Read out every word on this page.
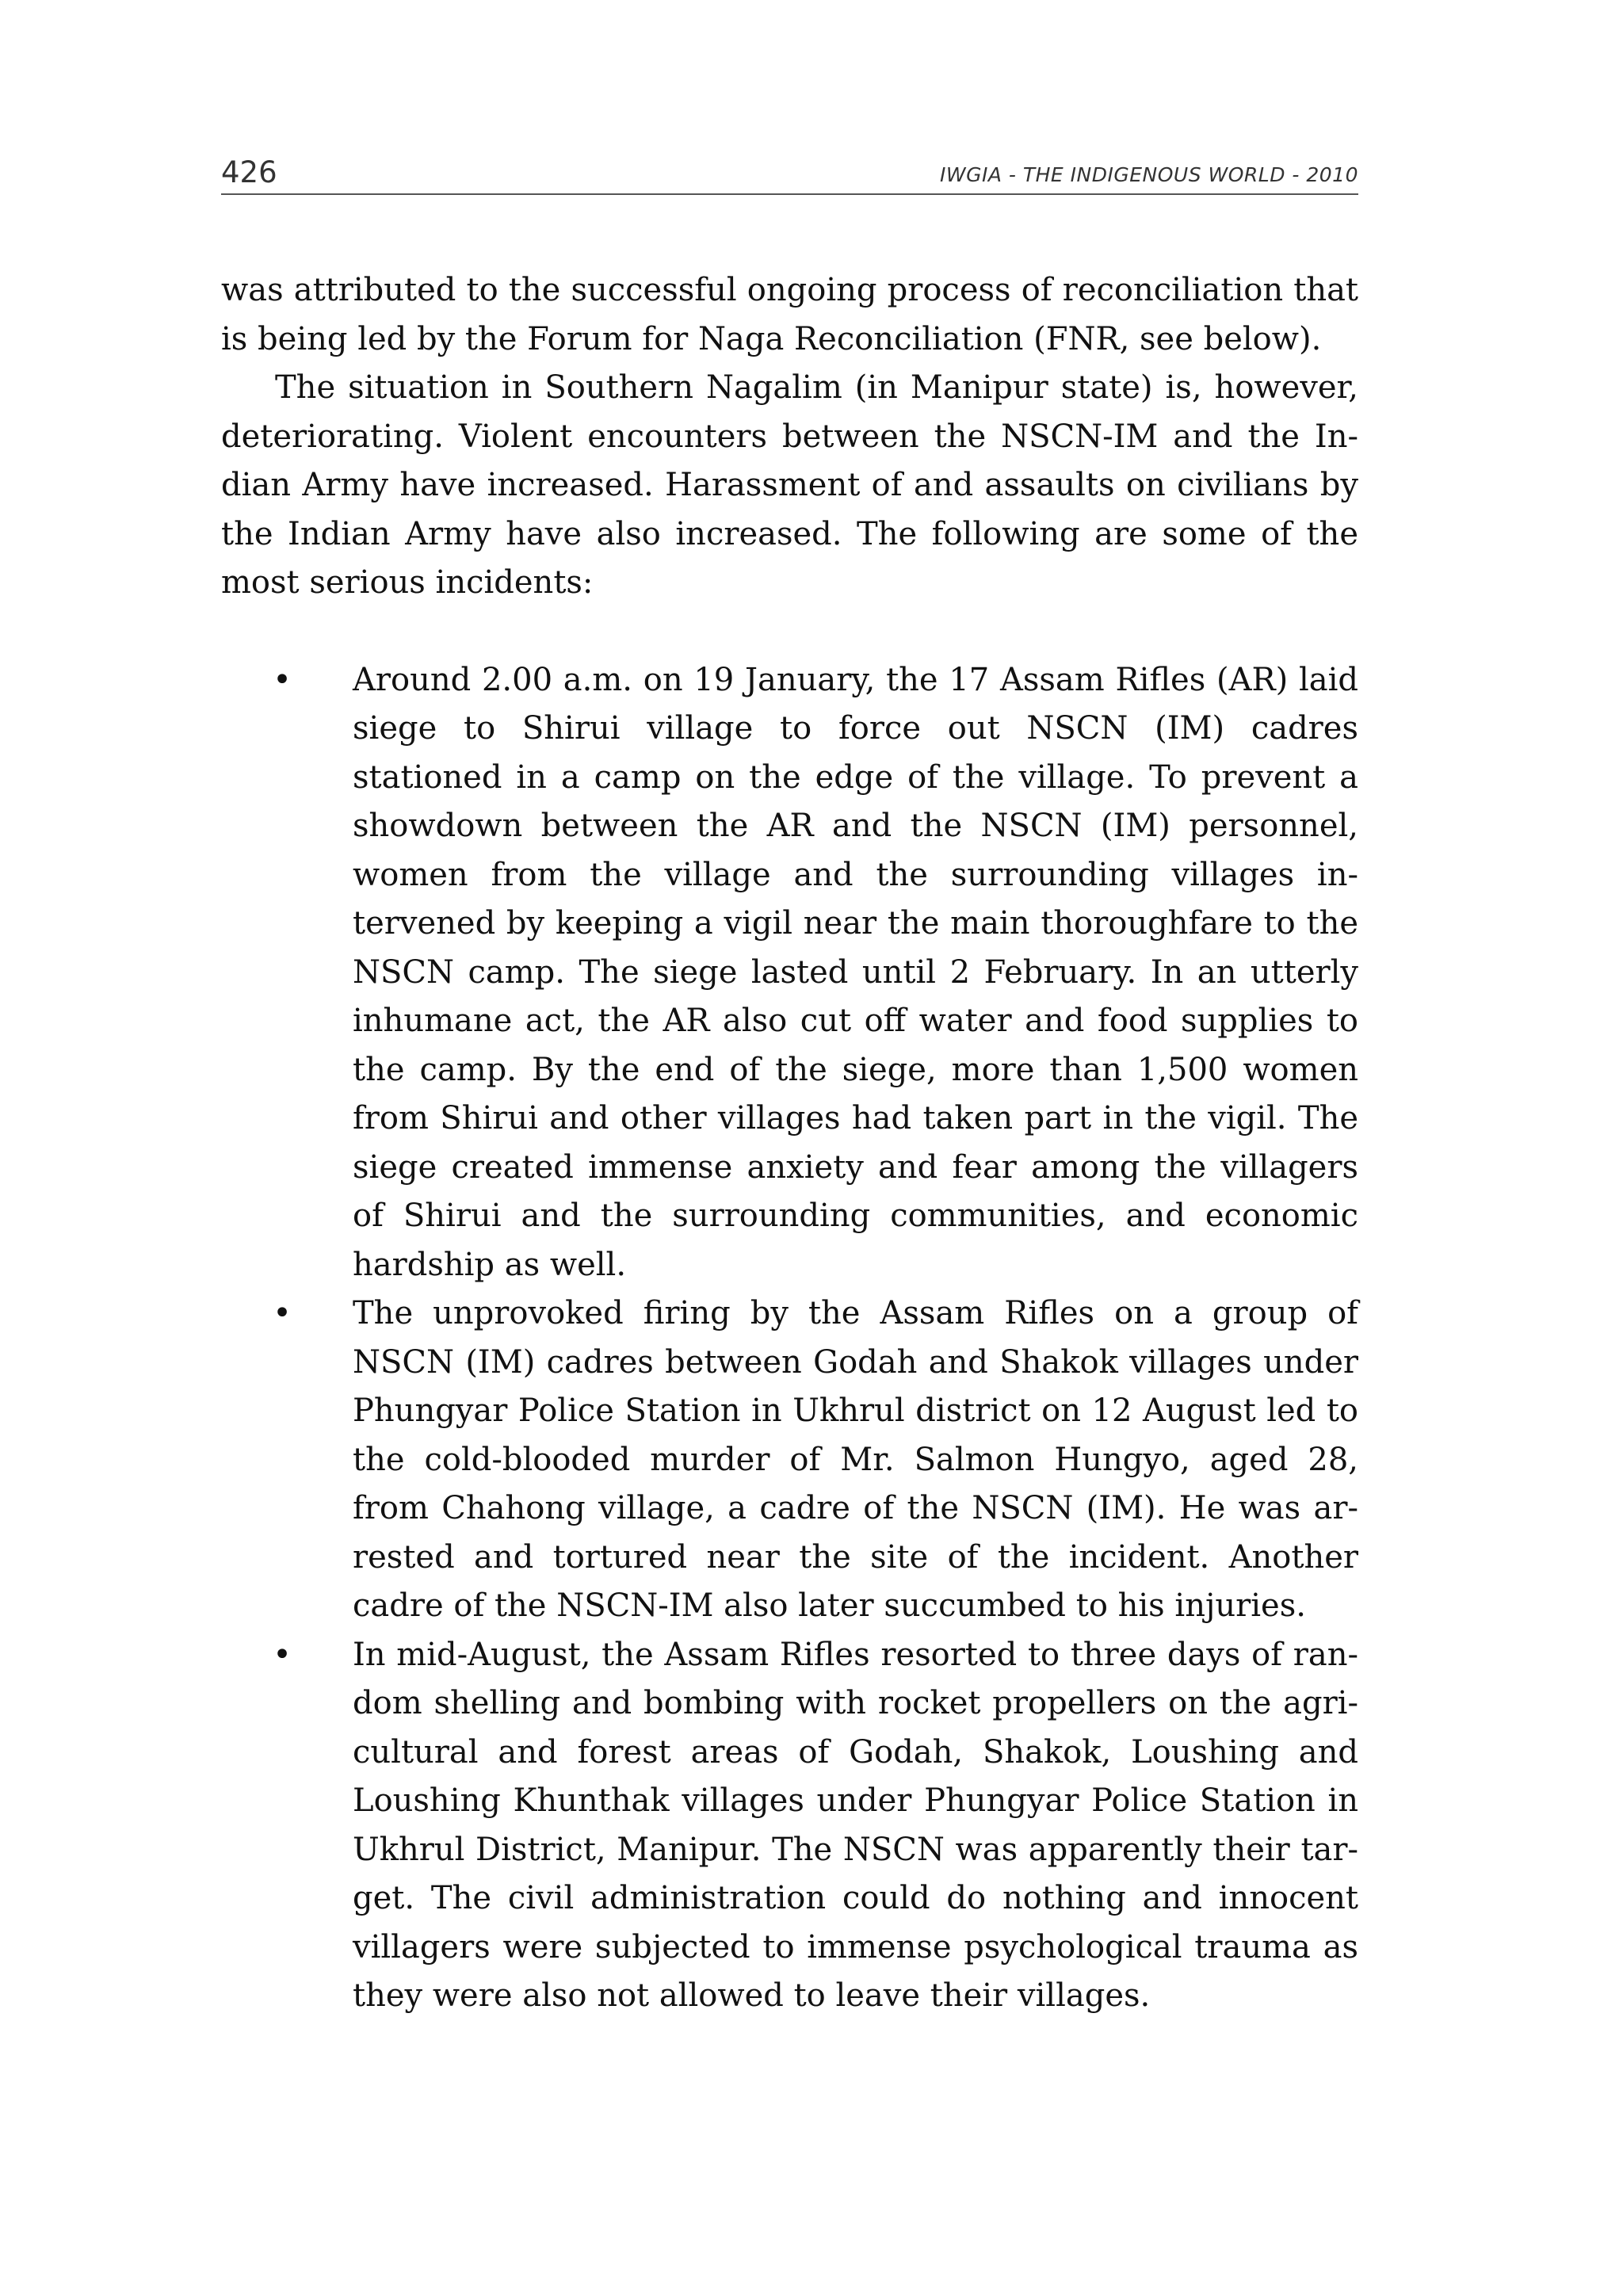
426	IWGIA - THE INDIGENOUS WORLD - 2010

was attributed to the successful ongoing process of reconciliation that is being led by the Forum for Naga Reconciliation (FNR, see below).

The situation in Southern Nagalim (in Manipur state) is, however, deteriorating. Violent encounters between the NSCN-IM and the Indian Army have increased. Harassment of and assaults on civilians by the Indian Army have also increased. The following are some of the most serious incidents:

• Around 2.00 a.m. on 19 January, the 17 Assam Rifles (AR) laid siege to Shirui village to force out NSCN (IM) cadres stationed in a camp on the edge of the village. To prevent a showdown between the AR and the NSCN (IM) personnel, women from the village and the surrounding villages intervened by keeping a vigil near the main thoroughfare to the NSCN camp. The siege lasted until 2 February. In an utterly inhumane act, the AR also cut off water and food supplies to the camp. By the end of the siege, more than 1,500 women from Shirui and other villages had taken part in the vigil. The siege created immense anxiety and fear among the villagers of Shirui and the surrounding communities, and economic hardship as well.
• The unprovoked firing by the Assam Rifles on a group of NSCN (IM) cadres between Godah and Shakok villages under Phungyar Police Station in Ukhrul district on 12 August led to the cold-blooded murder of Mr. Salmon Hungyo, aged 28, from Chahong village, a cadre of the NSCN (IM). He was arrested and tortured near the site of the incident. Another cadre of the NSCN-IM also later succumbed to his injuries.
• In mid-August, the Assam Rifles resorted to three days of random shelling and bombing with rocket propellers on the agricultural and forest areas of Godah, Shakok, Loushing and Loushing Khunthak villages under Phungyar Police Station in Ukhrul District, Manipur. The NSCN was apparently their target. The civil administration could do nothing and innocent villagers were subjected to immense psychological trauma as they were also not allowed to leave their villages.
